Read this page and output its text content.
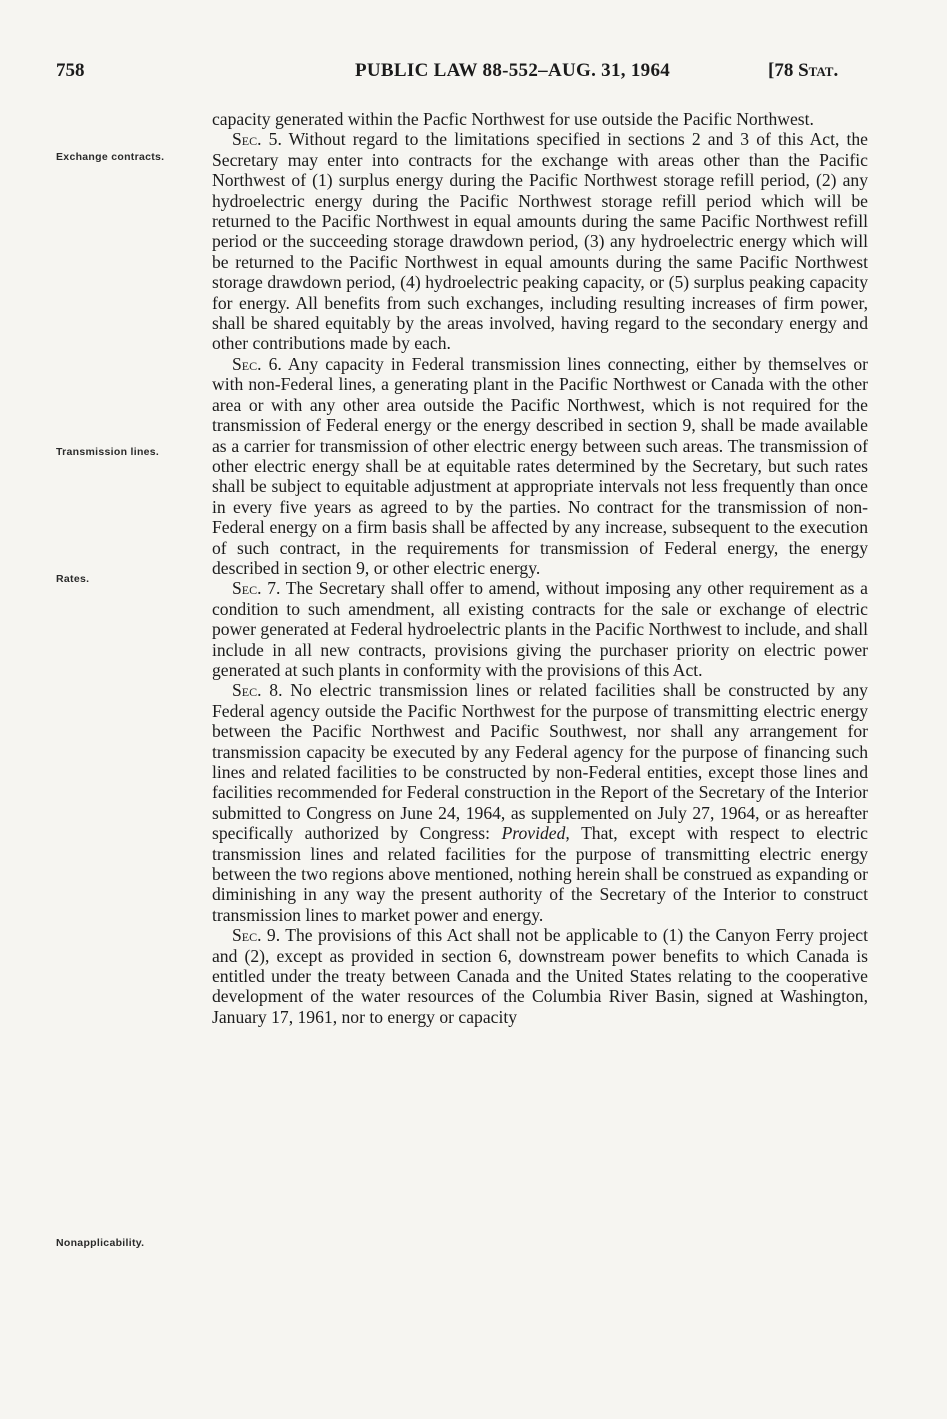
758	PUBLIC LAW 88-552–AUG. 31, 1964	[78 Stat.
Exchange contracts.
Transmission lines.
Rates.
Nonapplicability.

capacity generated within the Pacfic Northwest for use outside the Pacific Northwest.

Sec. 5. Without regard to the limitations specified in sections 2 and 3 of this Act, the Secretary may enter into contracts for the exchange with areas other than the Pacific Northwest of (1) surplus energy during the Pacific Northwest storage refill period, (2) any hydroelectric energy during the Pacific Northwest storage refill period which will be returned to the Pacific Northwest in equal amounts during the same Pacific Northwest refill period or the succeeding storage drawdown period, (3) any hydroelectric energy which will be returned to the Pacific Northwest in equal amounts during the same Pacific Northwest storage drawdown period, (4) hydroelectric peaking capacity, or (5) surplus peaking capacity for energy. All benefits from such exchanges, including resulting increases of firm power, shall be shared equitably by the areas involved, having regard to the secondary energy and other contributions made by each.

Sec. 6. Any capacity in Federal transmission lines connecting, either by themselves or with non-Federal lines, a generating plant in the Pacific Northwest or Canada with the other area or with any other area outside the Pacific Northwest, which is not required for the transmission of Federal energy or the energy described in section 9, shall be made available as a carrier for transmission of other electric energy between such areas. The transmission of other electric energy shall be at equitable rates determined by the Secretary, but such rates shall be subject to equitable adjustment at appropriate intervals not less frequently than once in every five years as agreed to by the parties. No contract for the transmission of non-Federal energy on a firm basis shall be affected by any increase, subsequent to the execution of such contract, in the requirements for transmission of Federal energy, the energy described in section 9, or other electric energy.

Sec. 7. The Secretary shall offer to amend, without imposing any other requirement as a condition to such amendment, all existing contracts for the sale or exchange of electric power generated at Federal hydroelectric plants in the Pacific Northwest to include, and shall include in all new contracts, provisions giving the purchaser priority on electric power generated at such plants in conformity with the provisions of this Act.

Sec. 8. No electric transmission lines or related facilities shall be constructed by any Federal agency outside the Pacific Northwest for the purpose of transmitting electric energy between the Pacific Northwest and Pacific Southwest, nor shall any arrangement for transmission capacity be executed by any Federal agency for the purpose of financing such lines and related facilities to be constructed by non-Federal entities, except those lines and facilities recommended for Federal construction in the Report of the Secretary of the Interior submitted to Congress on June 24, 1964, as supplemented on July 27, 1964, or as hereafter specifically authorized by Congress: Provided, That, except with respect to electric transmission lines and related facilities for the purpose of transmitting electric energy between the two regions above mentioned, nothing herein shall be construed as expanding or diminishing in any way the present authority of the Secretary of the Interior to construct transmission lines to market power and energy.

Sec. 9. The provisions of this Act shall not be applicable to (1) the Canyon Ferry project and (2), except as provided in section 6, downstream power benefits to which Canada is entitled under the treaty between Canada and the United States relating to the cooperative development of the water resources of the Columbia River Basin, signed at Washington, January 17, 1961, nor to energy or capacity
